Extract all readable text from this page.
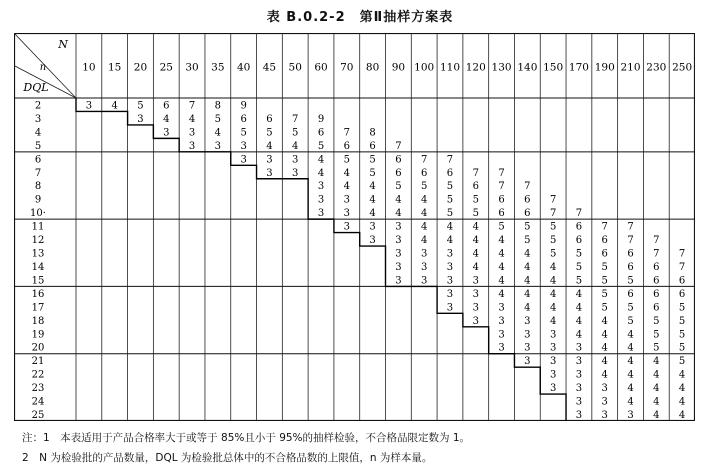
表 B.0.2-2　第Ⅱ抽样方案表
N
n
DQL
10 15 20 25 30 35 40 45 50 60 70 80 90 100 110 120 130 140 150 170 190 210 230 250
2
3
4
5
6
7
8
9
10·
11
12
13
14
15
16
17
18
19
20
21
22
23
24
25
3 4 5 6 7 8 9
3 4 4 5 6 6 7 9
3 3 4 5 5 5 6 7 8
3 3 3 4 4 5 6 6 7
3 3 3 4 5 5 6 7 7
3 3 4 4 5 6 6 6 7 7
3 4 4 5 5 5 6 7 7
3 3 4 4 4 5 5 6 6 7
3 3 4 4 4 5 5 6 6 7 7
3 3 3 4 4 4 5 5 5 6 7 7
3 3 4 4 4 4 5 5 6 6 7 7
3 3 3 4 4 4 5 5 6 6 7 7
3 3 3 4 4 4 4 5 5 6 6 7
3 3 3 3 4 4 4 5 5 5 6 6
3 3 4 4 4 4 5 6 6 6
3 3 3 4 4 4 5 5 6 5
3 3 3 4 4 4 5 5 5
3 3 3 4 4 4 5 5
3 3 3 3 4 4 5 5
3 3 3 4 4 4 5
3 3 4 4 4 4
3 3 3 4 4 4
3 3 4 4 4
3 3 3 4 4
注：1　本表适用于产品合格率大于或等于 85%且小于 95%的抽样检验，不合格品限定数为 1。
2　N 为检验批的产品数量，DQL 为检验批总体中的不合格品数的上限值，n 为样本量。
